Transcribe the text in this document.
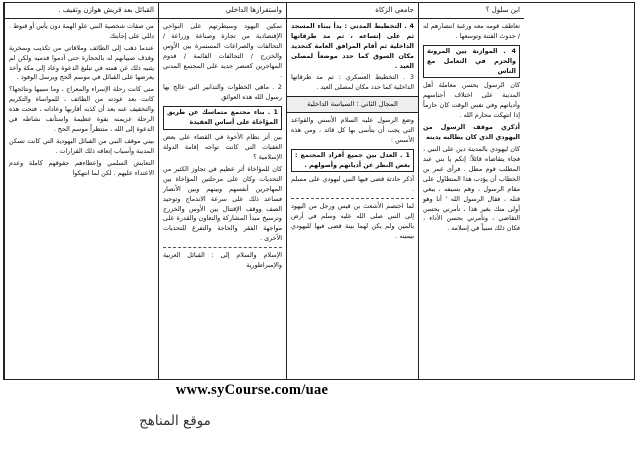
القبائل بعد قريش هوازن وثقيف .
من صفات شخصية النبي علو الهمة دون يأس أو قنوط . دللي على إجابتك
عندما ذهب إلى الطائف وملاقاتي من تكذيب وسخرية وقذف صبيانهم له بالحجارة حتى أدموا قدميه ولكن لم يثنيه ذلك عن همته في تبليغ الدعوة وعاد إلى مكة وأخذ يعرضها على القبائل في موسم الحج ويرسل الوفود .
متى كانت رحلة الإسراء والمعراج ، وما سببها ونتائجها؟ كانت بعد عودته من الطائف ، للمواساة والتكريم والتخفيف عنه بعد أن كذبه أقاربها وعاداته ، فتحت هذه الرحلة عزيمته بقوة عظيمة واستأنف نشاطه في الدعوة إلى الله ، منتظراً موسم الحج .
بيني موقف النبي من القبائل اليهودية التي كانت تسكن المدينة وأسباب إتعاقه ذلك القرارات .
التعايش السلمي وإعطاءهم حقوقهم كاملة وعدم الاعتداء عليهم . لكن لما انتهكوا
واستقرارها الداخلي
تمكين اليهود وسيطرتهم على النواحي الإقتصادية من تجارة وصناعة وزراعة / التحالفات والصراعات المستمرة بين الأوس والخزرج / التحالفات القائمة / قدوم المهاجرين كعنصر جديد على المجتمع المدني .
2 . ماهي الخطوات والتدابير التي عالج بها رسول الله هذه العوائق
1 . بناء مجتمع متماسك عن طريق المؤاخاة على أساس العقيدة
بين أثر نظام الأخوة في القضاء على بعض العقبات التي كانت تواجه إقامة الدولة الإسلامية ؟
كان للمؤاخاة أثر عظيم في تجاوز الكثير من التحديات وكان على مرحلتين المؤاخاة بين المهاجرين أنفسهم وبينهم وبين الأنصار فساعد ذلك على سرعة الاندماج وتوحيد الصف ووقف الإقتتال بين الأوس والخزرج وترسيخ مبدأ المشاركة والتعاون والقدرة على مواجهة الفقر والحاجة والتفرغ للتحديات الأخرى .
الإسلام والسلام إلى : القبائل العربية والإمبراطورية
جامعي الزكاة
4 . التخطيط المدني : بدأ ببناء المسجد ثم على إتساعه ، ثم مد طرقاتها الداخلية ثم أقام المرافق العامة كتحديد مكان السوق كما حدد موضعاً لمصلى العيد .
3 . التخطيط العسكري : تم مد طرقاتها الداخلية كما حدد مكان لمصلى العيد .
المجال الثاني : السياسة الداخلية
وضع الرسول عليه السلام الأسس والقواعد التي يجب أن يتأسى بها كل قائد ، ومن هذه الأسس :
1 . العدل بين جميع أفراد المجتمع : بغض النظر عن أديانهم وأصولهم .
أذكر حادثة قضى فيها النبي ليهودي على مسلم .
لما اختصم الأشعث بن قيس ورجل من اليهود إلى النبي صلى الله عليه وسلم في أرض بالمين ولم يكن لهما بينة قضى فيها لليهودي بيمينه .
ابن سلول ؟
تعاطف قومه معه ورغبة انتصارهم له / حدوث الفتنة وتوسعها .
4 . الموازنة بين المرونة والحزم في التعامل مع الناس
كان الرسول يحسن معاملة أهل المدينة على اختلاف أجناسهم وأديانهم وفي نفس الوقت كان حازماً إذا انتهكت محارم الله .
أذكري موقف الرسول من اليهودي الذي كان يطالبه بدينه
كان ليهودي بالمدينة دين على النبي ، فجاء يتقاضاه قائلاً: إنكم يا بني عبد المطلب قوم مطل . فرأى عمر بن الخطاب أن يؤدب هذا المتطاول على مقام الرسول ، وهم بسيفه ، يبغي قتله ، فقال الرسول الله ' أنا وهو أولى منك بغير هذا ، تأمرني بحسن التقاضي ، وتأمرني بحسن الأداء ، فكان ذلك سبباً في إسلامه .
www.syCourse.com/uae
موقع المناهج
